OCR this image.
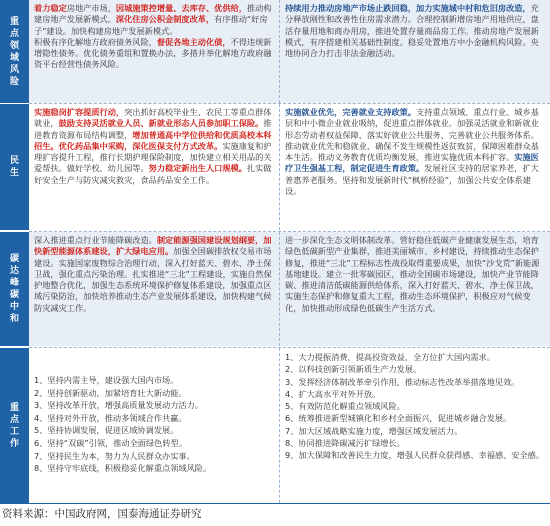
重点领域风险
着力稳定房地产市场，因城施策控增量、去库存、优供给，推动构建房地产发展新模式。深化住房公积金制度改革，有序推动“好房子”建设。加快构建房地产发展新模式。
积极有序化解地方政府债务风险，督促各地主动化债，不得违规新增隐性债务。优化债务重组和置换办法，多措并举化解地方政府融资平台经营性债务风险。
持续用力推动房地产市场止跌回稳，加力实施城中村和危旧房改造，充分释放刚性和改善性住房需求潜力。合理控制新增房地产用地供应，盘活存量用地和商办用房，推进处置存量商品房工作。推动房地产发展新模式，有序搭建相关基础性制度。稳妥处置地方中小金融机构风险。央地协同合力打击非法金融活动。
民生
实施稳岗扩容提质行动，突出抓好高校毕业生、农民工等重点群体就业，鼓励支持灵活就业人员、新就业形态人员参加职工保险。推进教育资源布局结构调整，增加普通高中学位供给和优质高校本科招生。优化药品集中采购，深化医保支付方式改革。实施康复和护理扩容提升工程，推行长期护理保险制度，加快建立相关用品的关爱帮扶。做好学校、幼儿园等。努力稳定新出生人口规模。扎实做好安全生产与防灾减灾救灾，食品药品安全工作。
实施就业优先，完善就业支持政策。支持重点领域、重点行业、城乡基层和中小微企业就业吸纳，促进重点群体就业。加强灵活就业和新就业形态劳动者权益保障，落实好就业公共服务、完善就业公共服务体系。推动就业优先和稳就业，确保不发生规模性返贫致贫，保障困难群众基本生活。推动义务教育优质均衡发展，推进实施优质本科扩容。实施医疗卫生强基工程，制定促进生育政策。发展社区支持的居家养老，扩大普惠养老服务。坚持和发展新时代“枫桥经验”，加强公共安全体系建设。
碳达峰碳中和
深入推进重点行业节能降碳改造。制定能源强国建设规划纲要，加快新型能源体系建设，扩大绿电应用。加强全国碳排放权交易市场建设。实施国家废物综合治理行动，深入打好蓝天、碧水、净土保卫战，强化重点污染治理。扎实推进“三北”工程建设，实施自然保护地整合优化，加强生态系统环境保护修复体系建设，加强重点区域污染防治，加快培养推动生态产业发展体系建设，加快构建气候防灾减灾工作。
进一步深化生态文明体制改革。管好稳住低碳产业健康发展生态，培育绿色低碳新型产业集群，推进美丽城市、乡村建设，持续推动生态保护修复，推进“三北”工程标志性战役取得重要成果，加快“沙戈荒”新能源基地建设。建立一批零碳园区，推动全国碳市场建设，加快产业节能降碳、推进清洁低碳能源供给体系，深入打好蓝天、碧水、净土保卫战，实施生态保护和修复重大工程，推动生态环境保护，积极应对气候变化，加快推动形成绿色低碳生产生活方式。
重点工作
1、坚持内需主导，建设强大国内市场。
2、坚持创新驱动，加紧培育壮大新动能。
3、坚持改革开放，增强高质量发展动力活力。
4、坚持对外开放，推动多领域合作共赢。
5、坚持协调发展，促进区域协调发展。
6、坚持“双碳”引领，推动全面绿色转型。
7、坚持民生为本，努力为人民群众办实事。
8、坚持守牢底线，积极稳妥化解重点领域风险。
1、大力提振消费，提高投资效益，全方位扩大国内需求。
2、以科技创新引领新质生产力发展。
3、发挥经济体制改革牵引作用，推动标志性改革举措落地见效。
4、扩大高水平对外开放。
5、有效防范化解重点领域风险。
6、统筹推进新型城镇化和乡村全面振兴，促进城乡融合发展。
7、加大区域战略实施力度，增强区域发展活力。
8、协同推进降碳减污扩绿增长。
9、加大保障和改善民生力度，增强人民群众获得感、幸福感、安全感。
资料来源：中国政府网，国泰海通证券研究
